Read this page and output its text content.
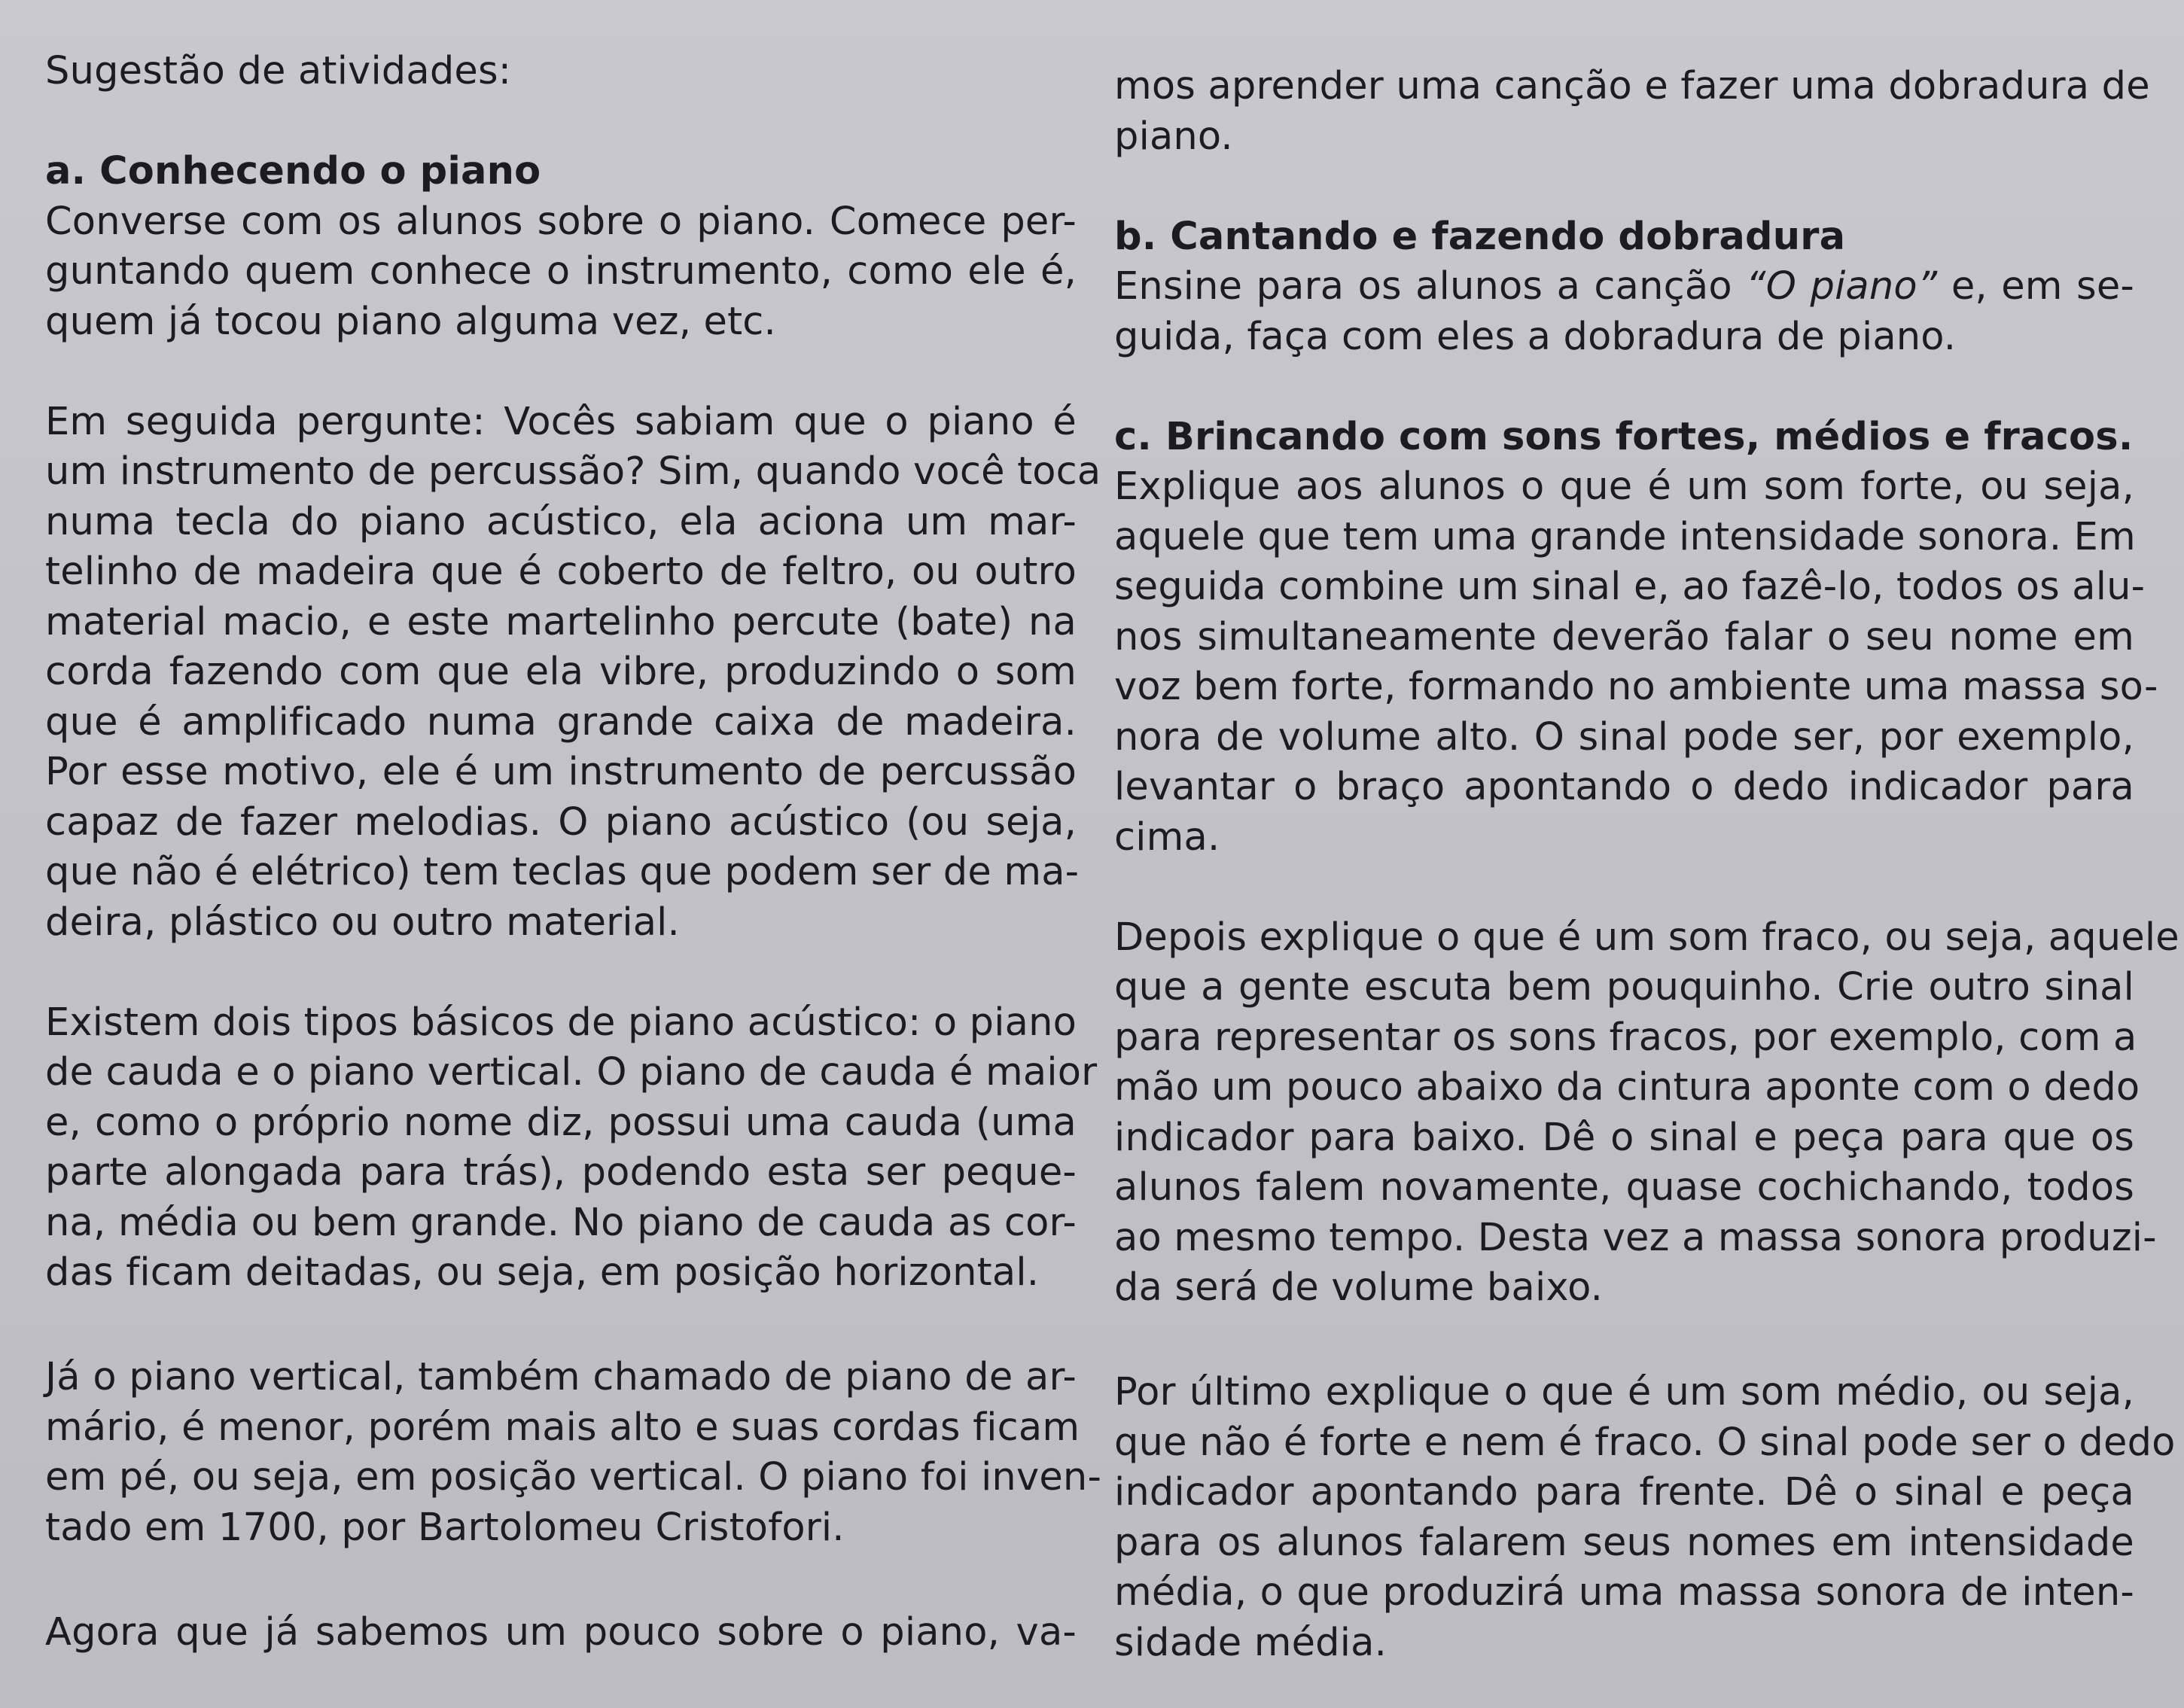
Sugestão de atividades:
a. Conhecendo o piano
Converse com os alunos sobre o piano. Comece per-
guntando quem conhece o instrumento, como ele é,
quem já tocou piano alguma vez, etc.
Em seguida pergunte: Vocês sabiam que o piano é
um instrumento de percussão? Sim, quando você toca
numa tecla do piano acústico, ela aciona um mar-
telinho de madeira que é coberto de feltro, ou outro
material macio, e este martelinho percute (bate) na
corda fazendo com que ela vibre, produzindo o som
que é amplificado numa grande caixa de madeira.
Por esse motivo, ele é um instrumento de percussão
capaz de fazer melodias. O piano acústico (ou seja,
que não é elétrico) tem teclas que podem ser de ma-
deira, plástico ou outro material.
Existem dois tipos básicos de piano acústico: o piano
de cauda e o piano vertical. O piano de cauda é maior
e, como o próprio nome diz, possui uma cauda (uma
parte alongada para trás), podendo esta ser peque-
na, média ou bem grande. No piano de cauda as cor-
das ficam deitadas, ou seja, em posição horizontal.
Já o piano vertical, também chamado de piano de ar-
mário, é menor, porém mais alto e suas cordas ficam
em pé, ou seja, em posição vertical. O piano foi inven-
tado em 1700, por Bartolomeu Cristofori.
Agora que já sabemos um pouco sobre o piano, va-
mos aprender uma canção e fazer uma dobradura de
piano.
b. Cantando e fazendo dobradura
Ensine para os alunos a canção “O piano” e, em se-
guida, faça com eles a dobradura de piano.
c. Brincando com sons fortes, médios e fracos.
Explique aos alunos o que é um som forte, ou seja,
aquele que tem uma grande intensidade sonora. Em
seguida combine um sinal e, ao fazê-lo, todos os alu-
nos simultaneamente deverão falar o seu nome em
voz bem forte, formando no ambiente uma massa so-
nora de volume alto. O sinal pode ser, por exemplo,
levantar o braço apontando o dedo indicador para
cima.
Depois explique o que é um som fraco, ou seja, aquele
que a gente escuta bem pouquinho. Crie outro sinal
para representar os sons fracos, por exemplo, com a
mão um pouco abaixo da cintura aponte com o dedo
indicador para baixo. Dê o sinal e peça para que os
alunos falem novamente, quase cochichando, todos
ao mesmo tempo. Desta vez a massa sonora produzi-
da será de volume baixo.
Por último explique o que é um som médio, ou seja,
que não é forte e nem é fraco. O sinal pode ser o dedo
indicador apontando para frente. Dê o sinal e peça
para os alunos falarem seus nomes em intensidade
média, o que produzirá uma massa sonora de inten-
sidade média.
